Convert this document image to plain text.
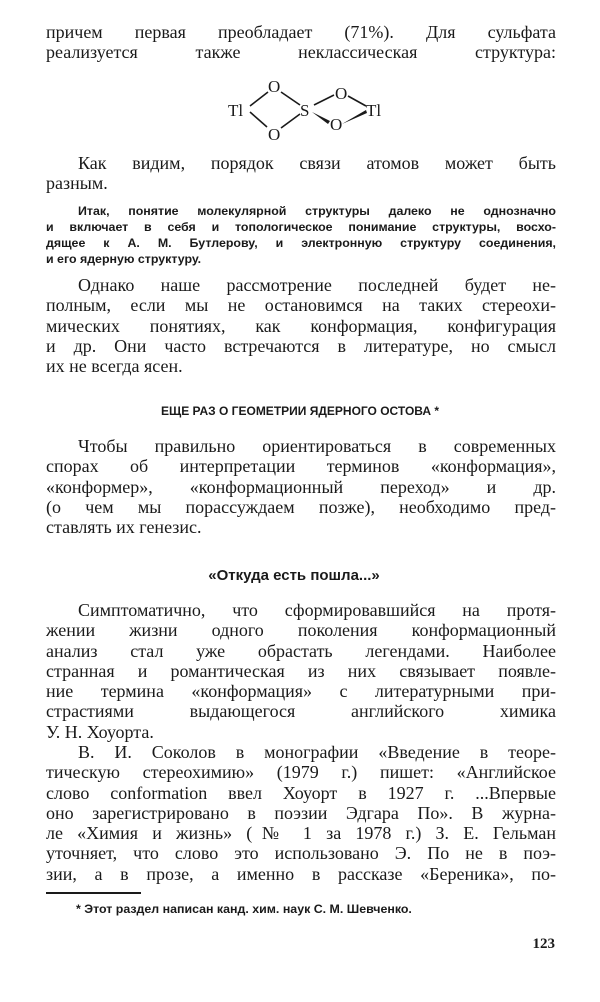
причем первая преобладает (71%). Для сульфата
реализуется также неклассическая структура:
Tl
O
O
S
O
O
Tl
Как видим, порядок связи атомов может быть
разным.
Итак, понятие молекулярной структуры далеко не однозначно
и включает в себя и топологическое понимание структуры, восхо-
дящее к А. М. Бутлерову, и электронную структуру соединения,
и его ядерную структуру.
Однако наше рассмотрение последней будет не-
полным, если мы не остановимся на таких стереохи-
мических понятиях, как конформация, конфигурация
и др. Они часто встречаются в литературе, но смысл
их не всегда ясен.
ЕЩЕ РАЗ О ГЕОМЕТРИИ ЯДЕРНОГО ОСТОВА *
Чтобы правильно ориентироваться в современных
спорах об интерпретации терминов «конформация»,
«конформер», «конформационный переход» и др.
(о чем мы порассуждаем позже), необходимо пред-
ставлять их генезис.
«Откуда есть пошла...»
Симптоматично, что сформировавшийся на протя-
жении жизни одного поколения конформационный
анализ стал уже обрастать легендами. Наиболее
странная и романтическая из них связывает появле-
ние термина «конформация» с литературными при-
страстиями выдающегося английского химика
У. Н. Хоуорта.
В. И. Соколов в монографии «Введение в теоре-
тическую стереохимию» (1979 г.) пишет: «Английское
слово conformation ввел Хоуорт в 1927 г. ...Впервые
оно зарегистрировано в поэзии Эдгара По». В журна-
ле «Химия и жизнь» (№ 1 за 1978 г.) З. Е. Гельман
уточняет, что слово это использовано Э. По не в поэ-
зии, а в прозе, а именно в рассказе «Береника», по-
* Этот раздел написан канд. хим. наук С. М. Шевченко.
123
